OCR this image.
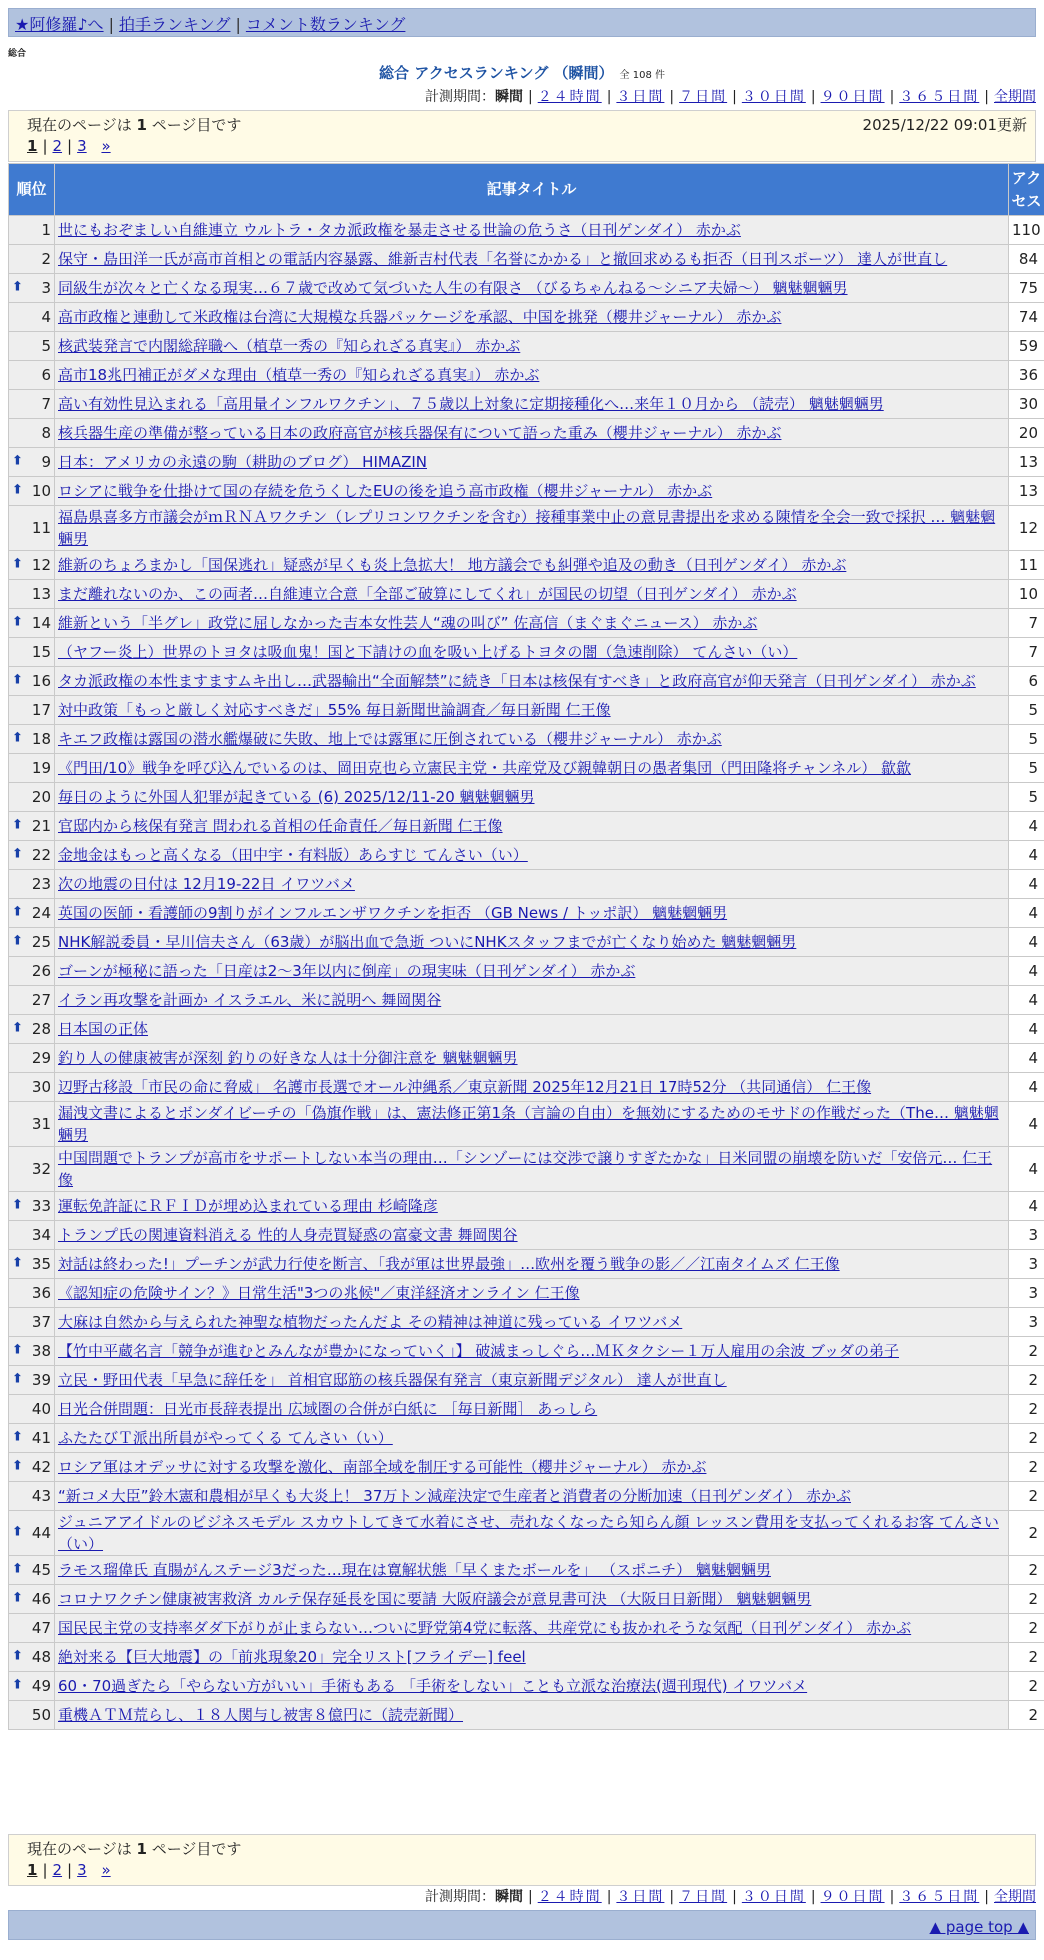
★阿修羅♪へ | 拍手ランキング | コメント数ランキング
総合
総合 アクセスランキング （瞬間） 全 108 件
計測期間：瞬間 | ２４時間 | ３日間 | ７日間 | ３０日間 | ９０日間 | ３６５日間 | 全期間
現在のページは 1 ページ目です	2025/12/22 09:01更新
1 | 2 | 3 »
順位	記事タイトル	アクセス
1	世にもおぞましい自維連立 ウルトラ・タカ派政権を暴走させる世論の危うさ（日刊ゲンダイ） 赤かぶ	110
2	保守・島田洋一氏が高市首相との電話内容暴露、維新吉村代表「名誉にかかる」と撤回求めるも拒否（日刊スポーツ） 達人が世直し	84

⬆ 3	同級生が次々と亡くなる現実…６７歳で改めて気づいた人生の有限さ （びるちゃんねる〜シニア夫婦〜） 魑魅魍魎男	75
4	高市政権と連動して米政権は台湾に大規模な兵器パッケージを承認、中国を挑発（櫻井ジャーナル） 赤かぶ	74
5	核武装発言で内閣総辞職へ（植草一秀の『知られざる真実』） 赤かぶ	59
6	高市18兆円補正がダメな理由（植草一秀の『知られざる真実』） 赤かぶ	36
7	高い有効性見込まれる「高用量インフルワクチン」、７５歳以上対象に定期接種化へ…来年１０月から （読売） 魑魅魍魎男	30
8	核兵器生産の準備が整っている日本の政府高官が核兵器保有について語った重み（櫻井ジャーナル） 赤かぶ	20

⬆ 9	日本：アメリカの永遠の駒（耕助のブログ） HIMAZIN	13

⬆ 10	ロシアに戦争を仕掛けて国の存続を危うくしたEUの後を追う高市政権（櫻井ジャーナル） 赤かぶ	13
11	福島県喜多方市議会がｍＲＮＡワクチン（レプリコンワクチンを含む）接種事業中止の意見書提出を求める陳情を全会一致で採択 … 魑魅魍魎男	12

⬆ 12	維新のちょろまかし「国保逃れ」疑惑が早くも炎上急拡大！ 地方議会でも糾弾や追及の動き（日刊ゲンダイ） 赤かぶ	11
13	まだ離れないのか、この両者…自維連立合意「全部ご破算にしてくれ」が国民の切望（日刊ゲンダイ） 赤かぶ	10

⬆ 14	維新という「半グレ」政党に屈しなかった吉本女性芸人“魂の叫び” 佐高信（まぐまぐニュース） 赤かぶ	7
15	（ヤフー炎上）世界のトヨタは吸血鬼！国と下請けの血を吸い上げるトヨタの闇（急速削除） てんさい（い）	7

⬆ 16	タカ派政権の本性ますますムキ出し…武器輸出“全面解禁”に続き「日本は核保有すべき」と政府高官が仰天発言（日刊ゲンダイ） 赤かぶ	6
17	対中政策「もっと厳しく対応すべきだ」55% 毎日新聞世論調査／毎日新聞 仁王像	5

⬆ 18	キエフ政権は露国の潜水艦爆破に失敗、地上では露軍に圧倒されている（櫻井ジャーナル） 赤かぶ	5
19	《門田/10》戦争を呼び込んでいるのは、岡田克也ら立憲民主党・共産党及び親韓朝日の愚者集団（門田隆将チャンネル） 歙歙	5
20	毎日のように外国人犯罪が起きている (6) 2025/12/11-20 魑魅魍魎男	5

⬆ 21	官邸内から核保有発言 問われる首相の任命責任／毎日新聞 仁王像	4

⬆ 22	金地金はもっと高くなる（田中宇・有料版）あらすじ てんさい（い）	4
23	次の地震の日付は 12月19-22日 イワツバメ	4

⬆ 24	英国の医師・看護師の9割りがインフルエンザワクチンを拒否 （GB News / トッポ訳） 魑魅魍魎男	4

⬆ 25	NHK解説委員・早川信夫さん（63歳）が脳出血で急逝 ついにNHKスタッフまでが亡くなり始めた 魑魅魍魎男	4
26	ゴーンが極秘に語った「日産は2〜3年以内に倒産」の現実味（日刊ゲンダイ） 赤かぶ	4
27	イラン再攻撃を計画か イスラエル、米に説明へ 舞岡関谷	4

⬆ 28	日本国の正体	4
29	釣り人の健康被害が深刻 釣りの好きな人は十分御注意を 魑魅魍魎男	4
30	辺野古移設「市民の命に脅威」 名護市長選でオール沖縄系／東京新聞 2025年12月21日 17時52分 （共同通信） 仁王像	4
31	漏洩文書によるとボンダイビーチの「偽旗作戦」は、憲法修正第1条（言論の自由）を無効にするためのモサドの作戦だった（The… 魑魅魍魎男	4
32	中国問題でトランプが高市をサポートしない本当の理由…「シンゾーには交渉で譲りすぎたかな」日米同盟の崩壊を防いだ「安倍元… 仁王像	4

⬆ 33	運転免許証にＲＦＩＤが埋め込まれている理由 杉崎隆彦	4
34	トランプ氏の関連資料消える 性的人身売買疑惑の富豪文書 舞岡関谷	3

⬆ 35	対話は終わった!」プーチンが武力行使を断言、「我が軍は世界最強」…欧州を覆う戦争の影／／江南タイムズ 仁王像	3
36	《認知症の危険サイン？》日常生活"3つの兆候"／東洋経済オンライン 仁王像	3
37	大麻は自然から与えられた神聖な植物だったんだよ その精神は神道に残っている イワツバメ	3

⬆ 38	【竹中平蔵名言「競争が進むとみんなが豊かになっていく」】 破滅まっしぐら…ＭＫタクシー１万人雇用の余波 ブッダの弟子	2

⬆ 39	立民・野田代表「早急に辞任を」 首相官邸筋の核兵器保有発言（東京新聞デジタル） 達人が世直し	2
40	日光合併問題：日光市長辞表提出 広域圏の合併が白紙に ［毎日新聞］ あっしら	2

⬆ 41	ふたたびＴ派出所員がやってくる てんさい（い）	2

⬆ 42	ロシア軍はオデッサに対する攻撃を激化、南部全域を制圧する可能性（櫻井ジャーナル） 赤かぶ	2
43	“新コメ大臣”鈴木憲和農相が早くも大炎上！ 37万トン減産決定で生産者と消費者の分断加速（日刊ゲンダイ） 赤かぶ	2

⬆ 44	ジュニアアイドルのビジネスモデル スカウトしてきて水着にさせ、売れなくなったら知らん顔 レッスン費用を支払ってくれるお客 てんさい（い）	2

⬆ 45	ラモス瑠偉氏 直腸がんステージ3だった…現在は寛解状態「早くまたボールを」 （スポニチ） 魑魅魍魎男	2

⬆ 46	コロナワクチン健康被害救済 カルテ保存延長を国に要請 大阪府議会が意見書可決 （大阪日日新聞） 魑魅魍魎男	2
47	国民民主党の支持率ダダ下がりが止まらない…ついに野党第4党に転落、共産党にも抜かれそうな気配（日刊ゲンダイ） 赤かぶ	2

⬆ 48	絶対来る【巨大地震】の「前兆現象20」完全リスト[フライデー] feel	2

⬆ 49	60・70過ぎたら「やらない方がいい」手術もある 「手術をしない」ことも立派な治療法(週刊現代) イワツバメ	2
50	重機ＡＴＭ荒らし、１８人関与し被害８億円に（読売新聞）	2
現在のページは 1 ページ目です
1 | 2 | 3 »
計測期間：瞬間 | ２４時間 | ３日間 | ７日間 | ３０日間 | ９０日間 | ３６５日間 | 全期間
▲ page top ▲
